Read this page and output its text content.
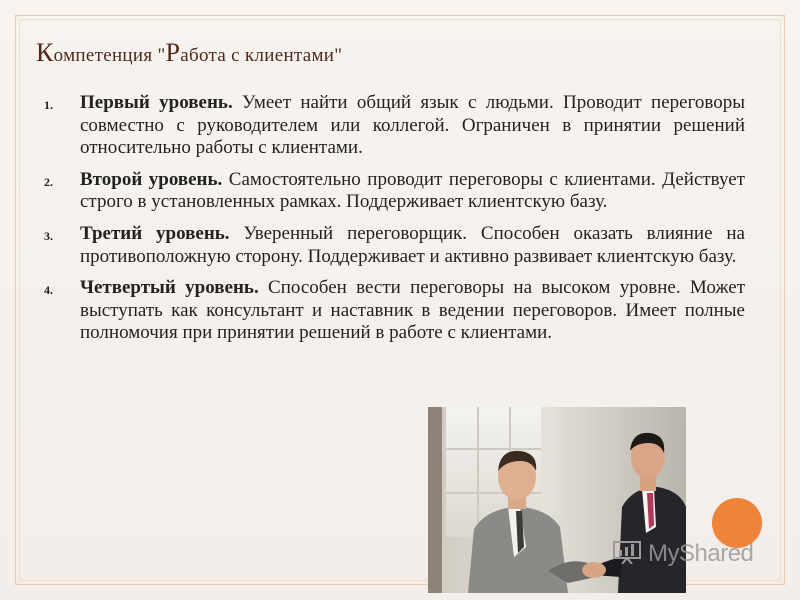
Компетенция "Работа с клиентами"
1. Первый уровень. Умеет найти общий язык с людьми. Проводит переговоры совместно с руководителем или коллегой. Ограничен в принятии решений относительно работы с клиентами.
2. Второй уровень. Самостоятельно проводит переговоры с клиентами. Действует строго в установленных рамках. Поддерживает клиентскую базу.
3. Третий уровень. Уверенный переговорщик. Способен оказать влияние на противоположную сторону. Поддерживает и активно развивает клиентскую базу.
4. Четвертый уровень. Способен вести переговоры на высоком уровне. Может выступать как консультант и наставник в ведении переговоров. Имеет полные полномочия при принятии решений в работе с клиентами.
MyShared
